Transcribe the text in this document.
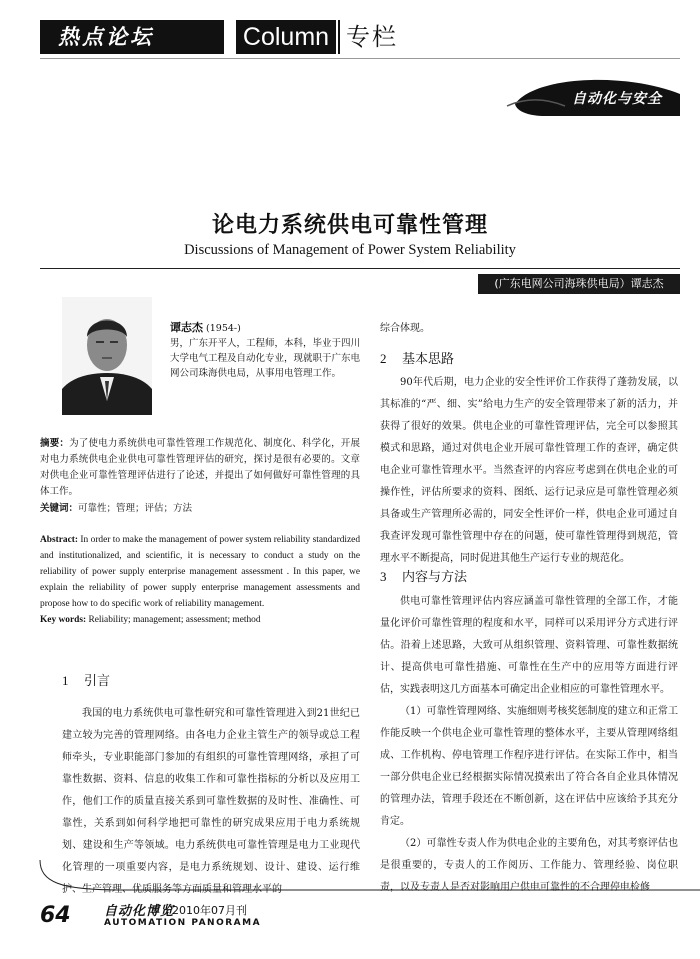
热点论坛	Column 专栏
自动化与安全
论电力系统供电可靠性管理
Discussions of Management of Power System Reliability
(广东电网公司海珠供电局）谭志杰
谭志杰 (1954-)
男，广东开平人，工程师，本科，毕业于四川大学电气工程及自动化专业，现就职于广东电网公司珠海供电局，从事用电管理工作。
摘要：为了使电力系统供电可靠性管理工作规范化、制度化、科学化，开展对电力系统供电企业供电可靠性管理评估的研究，探讨是很有必要的。文章对供电企业可靠性管理评估进行了论述，并提出了如何做好可靠性管理的具体工作。
关键词：可靠性；管理；评估；方法
Abstract: In order to make the management of power system reliability standardized and institutionalized, and scientific, it is necessary to conduct a study on the reliability of power supply enterprise management assessment . In this paper, we explain the reliability of power supply enterprise management assessments and propose how to do specific work of reliability management.
Key words: Reliability; management; assessment; method
1 引言

我国的电力系统供电可靠性研究和可靠性管理进入到21世纪已建立较为完善的管理网络。由各电力企业主管生产的领导或总工程师牵头，专业职能部门参加的有组织的可靠性管理网络，承担了可靠性数据、资料、信息的收集工作和可靠性指标的分析以及应用工作，他们工作的质量直接关系到可靠性数据的及时性、准确性、可靠性，关系到如何科学地把可靠性的研究成果应用于电力系统规划、建设和生产等领域。电力系统供电可靠性管理是电力工业现代化管理的一项重要内容，是电力系统规划、设计、建设、运行维护、生产管理、优质服务等方面质量和管理水平的

综合体现。
2 基本思路

90年代后期，电力企业的安全性评价工作获得了蓬勃发展，以其标准的“严、细、实”给电力生产的安全管理带来了新的活力，并获得了很好的效果。供电企业的可靠性管理评估，完全可以参照其模式和思路，通过对供电企业开展可靠性管理工作的查评，确定供电企业可靠性管理水平。当然查评的内容应考虑到在供电企业的可操作性，评估所要求的资料、图纸、运行记录应是可靠性管理必须具备或生产管理所必需的，同安全性评价一样，供电企业可通过自我查评发现可靠性管理中存在的问题，使可靠性管理得到规范，管理水平不断提高，同时促进其他生产运行专业的规范化。

3 内容与方法

供电可靠性管理评估内容应涵盖可靠性管理的全部工作，才能量化评价可靠性管理的程度和水平，同样可以采用评分方式进行评估。沿着上述思路，大致可从组织管理、资料管理、可靠性数据统计、提高供电可靠性措施、可靠性在生产中的应用等方面进行评估，实践表明这几方面基本可确定出企业相应的可靠性管理水平。

（1）可靠性管理网络、实施细则考核奖惩制度的建立和正常工作能反映一个供电企业可靠性管理的整体水平，主要从管理网络组成、工作机构、停电管理工作程序进行评估。在实际工作中，相当一部分供电企业已经根据实际情况摸索出了符合各自企业具体情况的管理办法，管理手段还在不断创新，这在评估中应该给予其充分肯定。

（2）可靠性专责人作为供电企业的主要角色，对其考察评估也是很重要的，专责人的工作阅历、工作能力、管理经验、岗位职责，以及专责人是否对影响用户供电可靠性的不合理停电检修

64	自动化博览
2010年07月刊
AUTOMATION PANORAMA
